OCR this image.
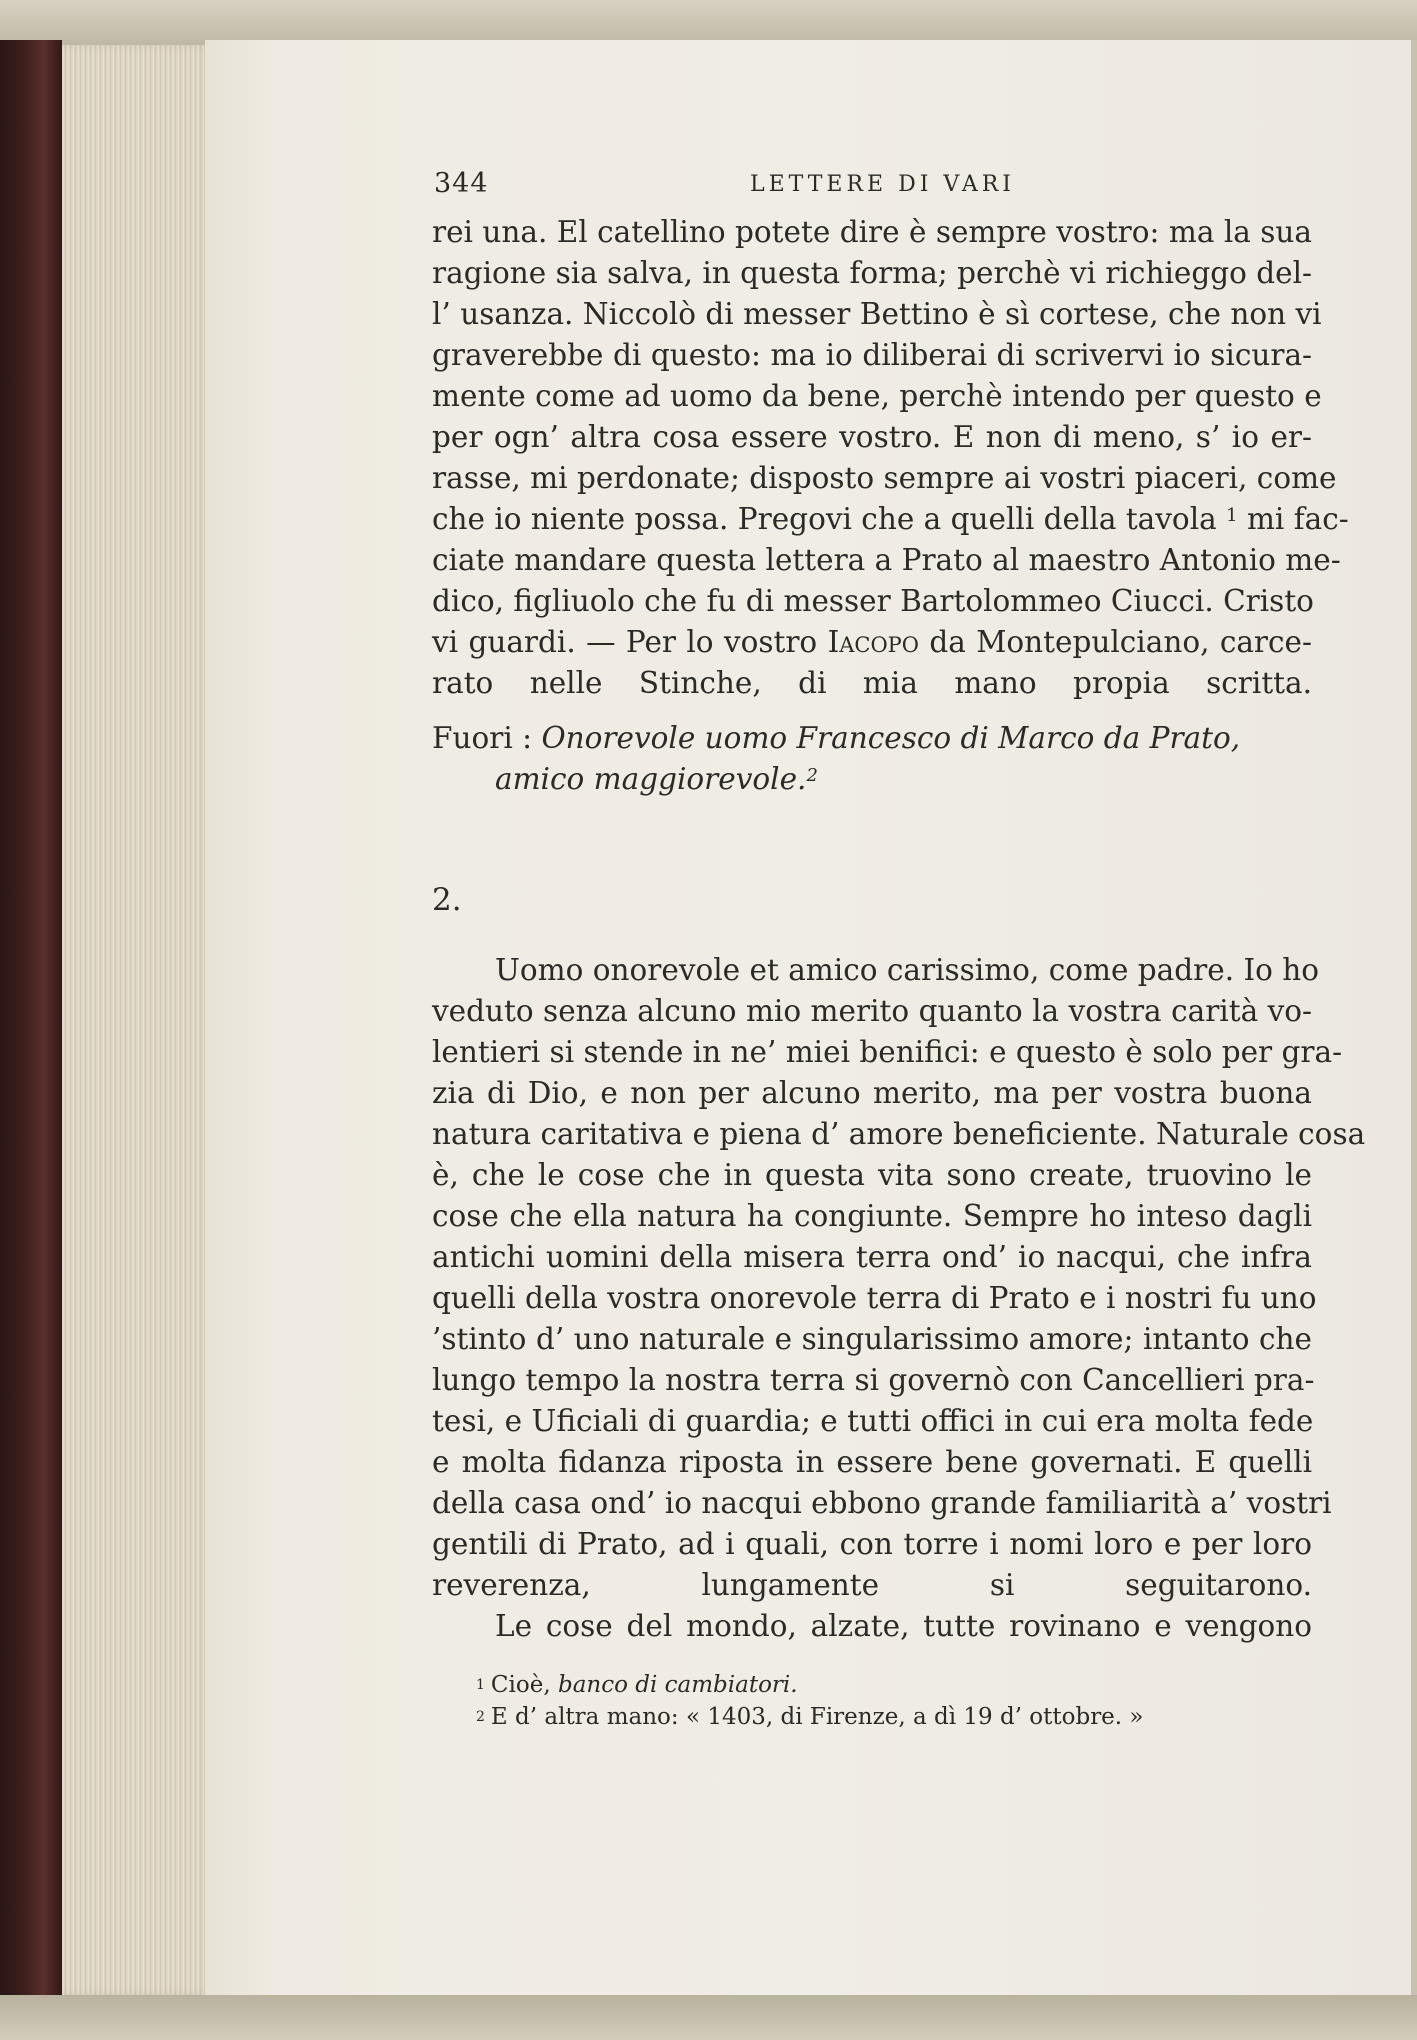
344	LETTERE DI VARI
rei una. El catellino potete dire è sempre vostro: ma la sua
ragione sia salva, in questa forma; perchè vi richieggo del-
l’ usanza. Niccolò di messer Bettino è sì cortese, che non vi
graverebbe di questo: ma io diliberai di scrivervi io sicura-
mente come ad uomo da bene, perchè intendo per questo e
per ogn’ altra cosa essere vostro. E non di meno, s’ io er-
rasse, mi perdonate; disposto sempre ai vostri piaceri, come
che io niente possa. Pregovi che a quelli della tavola $^1$ mi fac-
ciate mandare questa lettera a Prato al maestro Antonio me-
dico, figliuolo che fu di messer Bartolommeo Ciucci. Cristo
vi guardi. — Per lo vostro Iacopo da Montepulciano, carce-
rato nelle Stinche, di mia mano propia scritta.
Fuori : Onorevole uomo Francesco di Marco da Prato,
amico maggiorevole.$^2$
2.
Uomo onorevole et amico carissimo, come padre. Io ho
veduto senza alcuno mio merito quanto la vostra carità vo-
lentieri si stende in ne’ miei benifici: e questo è solo per gra-
zia di Dio, e non per alcuno merito, ma per vostra buona
natura caritativa e piena d’ amore beneficiente. Naturale cosa
è, che le cose che in questa vita sono create, truovino le
cose che ella natura ha congiunte. Sempre ho inteso dagli
antichi uomini della misera terra ond’ io nacqui, che infra
quelli della vostra onorevole terra di Prato e i nostri fu uno
’stinto d’ uno naturale e singularissimo amore; intanto che
lungo tempo la nostra terra si governò con Cancellieri pra-
tesi, e Uficiali di guardia; e tutti offici in cui era molta fede
e molta fidanza riposta in essere bene governati. E quelli
della casa ond’ io nacqui ebbono grande familiarità a’ vostri
gentili di Prato, ad i quali, con torre i nomi loro e per loro
reverenza, lungamente si seguitarono.
Le cose del mondo, alzate, tutte rovinano e vengono
$^1$ Cioè, banco di cambiatori.
$^2$ E d’ altra mano: « 1403, di Firenze, a dì 19 d’ ottobre. »
